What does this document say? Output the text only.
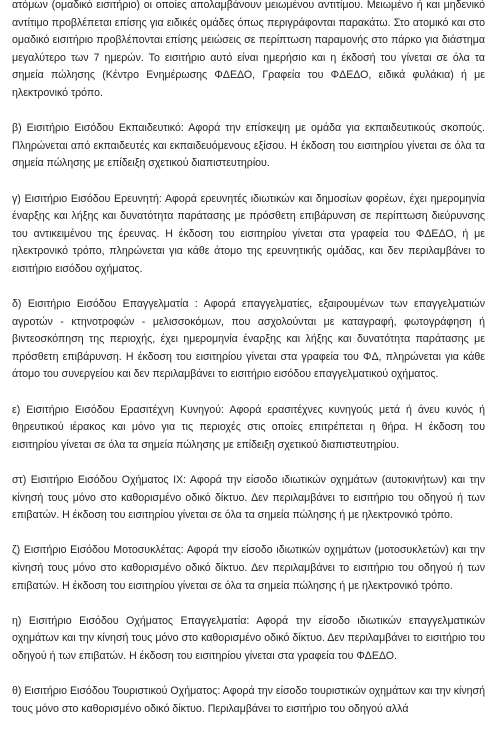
ατόμων (ομαδικό εισιτήριο) οι οποίες απολαμβάνουν μειωμένου αντιτίμου. Μειωμένο ή και μηδενικό αντίτιμο προβλέπεται επίσης για ειδικές ομάδες όπως περιγράφονται παρακάτω. Στο ατομικό και στο ομαδικό εισιτήριο προβλέπονται επίσης μειώσεις σε περίπτωση παραμονής στο πάρκο για διάστημα μεγαλύτερο των 7 ημερών. Το εισιτήριο αυτό είναι ημερήσιο και η έκδοσή του γίνεται σε όλα τα σημεία πώλησης (Κέντρο Ενημέρωσης ΦΔΕΔΟ, Γραφεία του ΦΔΕΔΟ, ειδικά φυλάκια) ή με ηλεκτρονικό τρόπο.

β) Εισιτήριο Εισόδου Εκπαιδευτικό: Αφορά την επίσκεψη με ομάδα για εκπαιδευτικούς σκοπούς. Πληρώνεται από εκπαιδευτές και εκπαιδευόμενους εξίσου. Η έκδοση του εισιτηρίου γίνεται σε όλα τα σημεία πώλησης με επίδειξη σχετικού διαπιστευτηρίου.

γ) Εισιτήριο Εισόδου Ερευνητή: Αφορά ερευνητές ιδιωτικών και δημοσίων φορέων, έχει ημερομηνία έναρξης και λήξης και δυνατότητα παράτασης με πρόσθετη επιβάρυνση σε περίπτωση διεύρυνσης του αντικειμένου της έρευνας. Η έκδοση του εισιτηρίου γίνεται στα γραφεία του ΦΔΕΔΟ, ή με ηλεκτρονικό τρόπο, πληρώνεται για κάθε άτομο της ερευνητικής ομάδας, και δεν περιλαμβάνει το εισιτήριο εισόδου οχήματος.

δ) Εισιτήριο Εισόδου Επαγγελματία : Αφορά επαγγελματίες, εξαιρουμένων των επαγγελματιών αγροτών - κτηνοτροφών - μελισσοκόμων, που ασχολούνται με καταγραφή, φωτογράφηση ή βιντεοσκόπηση της περιοχής, έχει ημερομηνία έναρξης και λήξης και δυνατότητα παράτασης με πρόσθετη επιβάρυνση. Η έκδοση του εισιτηρίου γίνεται στα γραφεία του ΦΔ, πληρώνεται για κάθε άτομο του συνεργείου και δεν περιλαμβάνει το εισιτήριο εισόδου επαγγελματικού οχήματος.

ε) Εισιτήριο Εισόδου Ερασιτέχνη Κυνηγού: Αφορά ερασιτέχνες κυνηγούς μετά ή άνευ κυνός ή θηρευτικού ιέρακος και μόνο για τις περιοχές στις οποίες επιτρέπεται η θήρα. Η έκδοση του εισιτηρίου γίνεται σε όλα τα σημεία πώλησης με επίδειξη σχετικού διαπιστευτηρίου.

στ) Εισιτήριο Εισόδου Οχήματος ΙΧ: Αφορά την είσοδο ιδιωτικών οχημάτων (αυτοκινήτων) και την κίνησή τους μόνο στο καθορισμένο οδικό δίκτυο. Δεν περιλαμβάνει το εισιτήριο του οδηγού ή των επιβατών. Η έκδοση του εισιτηρίου γίνεται σε όλα τα σημεία πώλησης ή με ηλεκτρονικό τρόπο.

ζ) Εισιτήριο Εισόδου Μοτοσυκλέτας: Αφορά την είσοδο ιδιωτικών οχημάτων (μοτοσυκλετών) και την κίνησή τους μόνο στο καθορισμένο οδικό δίκτυο. Δεν περιλαμβάνει το εισιτήριο του οδηγού ή των επιβατών. Η έκδοση του εισιτηρίου γίνεται σε όλα τα σημεία πώλησης ή με ηλεκτρονικό τρόπο.

η) Εισιτήριο Εισόδου Οχήματος Επαγγελματία: Αφορά την είσοδο ιδιωτικών επαγγελματικών οχημάτων και την κίνησή τους μόνο στο καθορισμένο οδικό δίκτυο. Δεν περιλαμβάνει το εισιτήριο του οδηγού ή των επιβατών. Η έκδοση του εισιτηρίου γίνεται στα γραφεία του ΦΔΕΔΟ.

θ) Εισιτήριο Εισόδου Τουριστικού Οχήματος: Αφορά την είσοδο τουριστικών οχημάτων και την κίνησή τους μόνο στο καθορισμένο οδικό δίκτυο. Περιλαμβάνει το εισιτήριο του οδηγού αλλά
